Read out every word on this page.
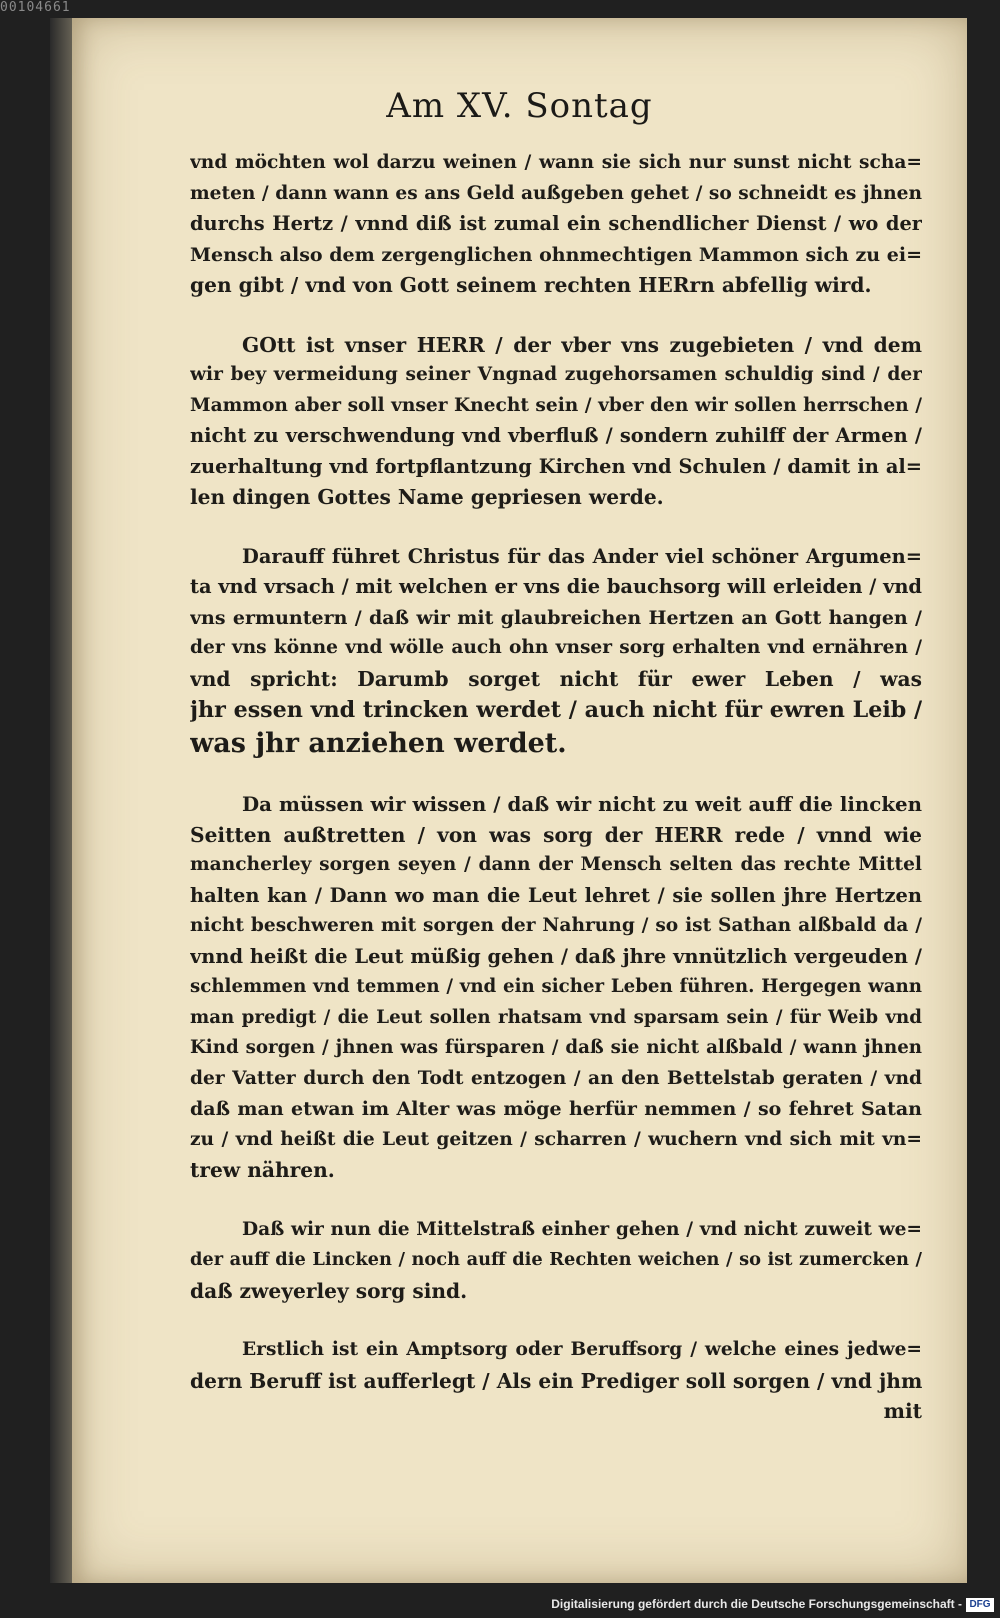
00104661
Am XV. Sontag
vnd möchten wol darzu weinen / wann sie sich nur sunst nicht scha=
meten / dann wann es ans Geld außgeben gehet / so schneidt es jhnen
durchs Hertz / vnnd diß ist zumal ein schendlicher Dienst / wo der
Mensch also dem zergenglichen ohnmechtigen Mammon sich zu ei=
gen gibt / vnd von Gott seinem rechten HERrn abfellig wird.
GOtt ist vnser HERR / der vber vns zugebieten / vnd dem
wir bey vermeidung seiner Vngnad zugehorsamen schuldig sind / der
Mammon aber soll vnser Knecht sein / vber den wir sollen herrschen /
nicht zu verschwendung vnd vberfluß / sondern zuhilff der Armen /
zuerhaltung vnd fortpflantzung Kirchen vnd Schulen / damit in al=
len dingen Gottes Name gepriesen werde.
Darauff führet Christus für das Ander viel schöner Argumen=
ta vnd vrsach / mit welchen er vns die bauchsorg will erleiden / vnd
vns ermuntern / daß wir mit glaubreichen Hertzen an Gott hangen /
der vns könne vnd wölle auch ohn vnser sorg erhalten vnd ernähren /
vnd spricht: Darumb sorget nicht für ewer Leben / was
jhr essen vnd trincken werdet / auch nicht für ewren Leib /
was jhr anziehen werdet.
Da müssen wir wissen / daß wir nicht zu weit auff die lincken
Seitten außtretten / von was sorg der HERR rede / vnnd wie
mancherley sorgen seyen / dann der Mensch selten das rechte Mittel
halten kan / Dann wo man die Leut lehret / sie sollen jhre Hertzen
nicht beschweren mit sorgen der Nahrung / so ist Sathan alßbald da /
vnnd heißt die Leut müßig gehen / daß jhre vnnützlich vergeuden /
schlemmen vnd temmen / vnd ein sicher Leben führen. Hergegen wann
man predigt / die Leut sollen rhatsam vnd sparsam sein / für Weib vnd
Kind sorgen / jhnen was fürsparen / daß sie nicht alßbald / wann jhnen
der Vatter durch den Todt entzogen / an den Bettelstab geraten / vnd
daß man etwan im Alter was möge herfür nemmen / so fehret Satan
zu / vnd heißt die Leut geitzen / scharren / wuchern vnd sich mit vn=
trew nähren.
Daß wir nun die Mittelstraß einher gehen / vnd nicht zuweit we=
der auff die Lincken / noch auff die Rechten weichen / so ist zumercken /
daß zweyerley sorg sind.
Erstlich ist ein Amptsorg oder Beruffsorg / welche eines jedwe=
dern Beruff ist aufferlegt / Als ein Prediger soll sorgen / vnd jhm
mit
Digitalisierung gefördert durch die Deutsche Forschungsgemeinschaft - DFG
